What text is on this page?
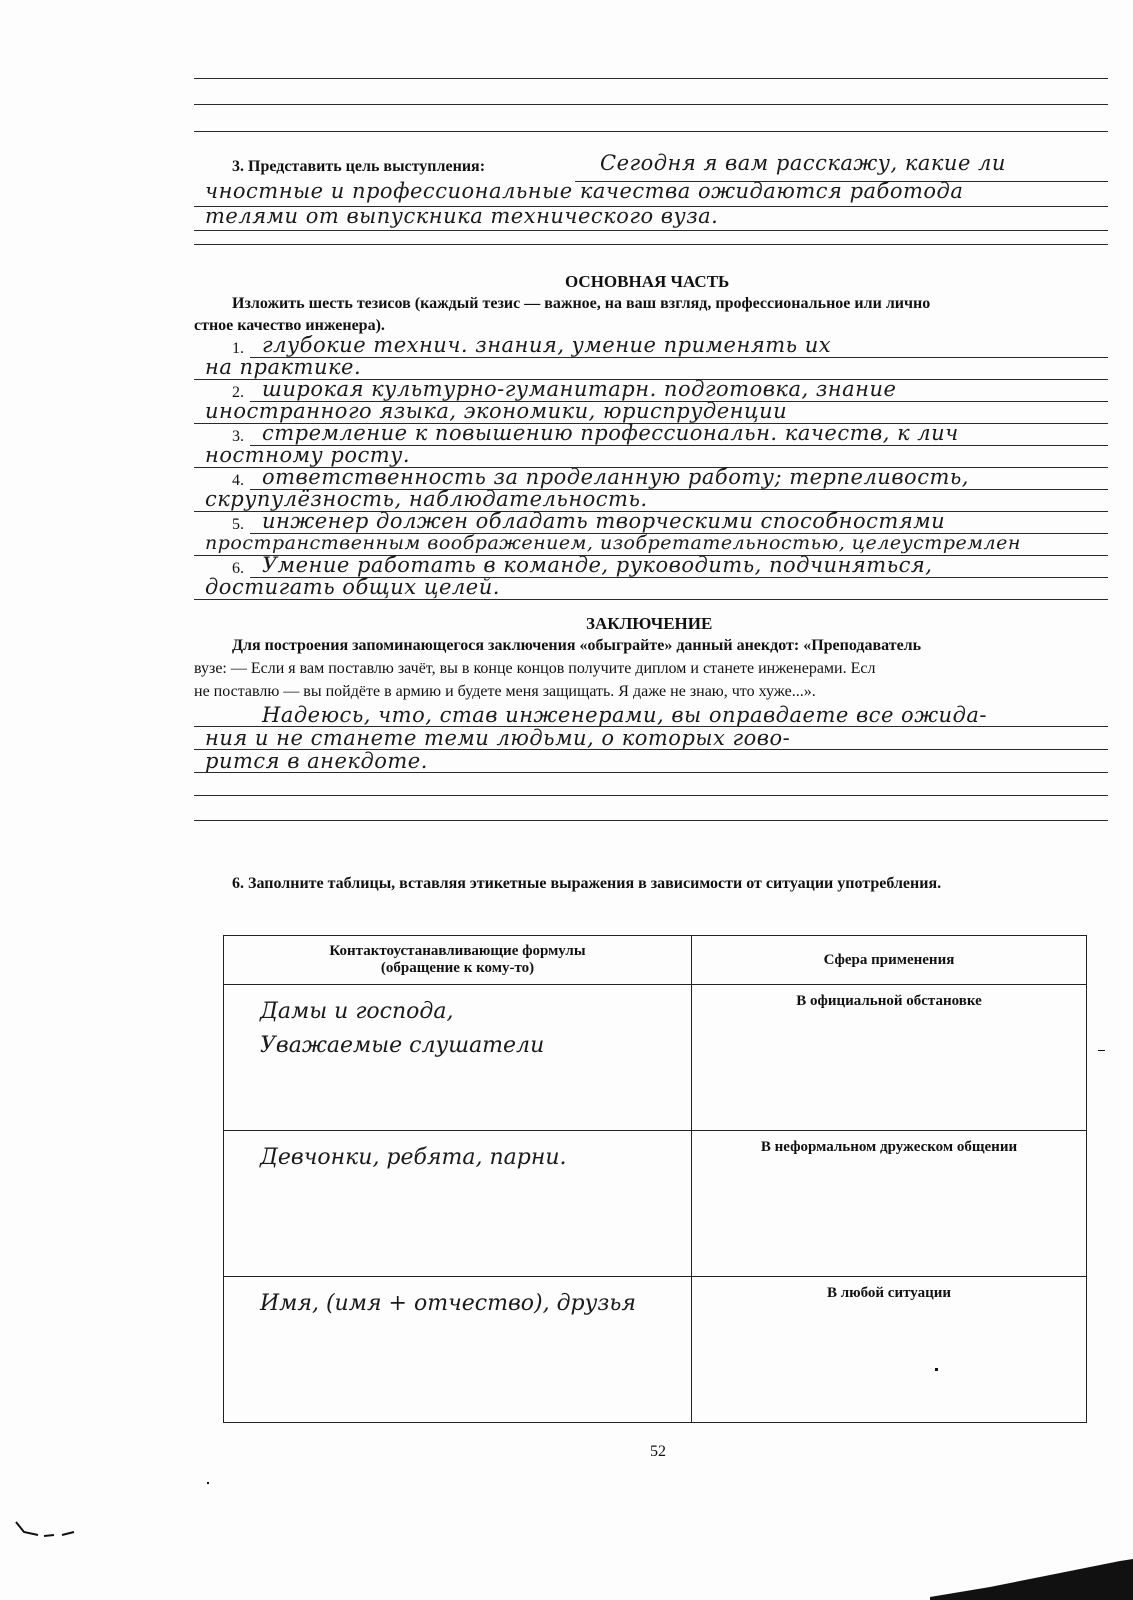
3. Представить цель выступления:	Сегодня я вам расскажу, какие ли
чностные и профессиональные качества ожидаются работода
телями от выпускника технического вуза.
ОСНОВНАЯ ЧАСТЬ
Изложить шесть тезисов (каждый тезис — важное, на ваш взгляд, профессиональное или лично
стное качество инженера).
1. глубокие технич. знания, умение применять их
на практике.
2. широкая культурно-гуманитарн. подготовка, знание
иностранного языка, экономики, юриспруденции
3. стремление к повышению профессиональн. качеств, к лич
ностному росту.
4. ответственность за проделанную работу; терпеливость,
скрупулёзность, наблюдательность.
5. инженер должен обладать творческими способностями
пространственным воображением, изобретательностью, целеустремлен
6. Умение работать в команде, руководить, подчиняться,
достигать общих целей.
ЗАКЛЮЧЕНИЕ
Для построения запоминающегося заключения «обыграйте» данный анекдот: «Преподаватель
вузе: — Если я вам поставлю зачёт, вы в конце концов получите диплом и станете инженерами. Есл
не поставлю — вы пойдёте в армию и будете меня защищать. Я даже не знаю, что хуже...».
Надеюсь, что, став инженерами, вы оправдаете все ожида-
ния и не станете теми людьми, о которых гово-
рится в анекдоте.
6. Заполните таблицы, вставляя этикетные выражения в зависимости от ситуации употребления.
Контактоустанавливающие формулы
(обращение к кому-то)	Сфера применения

Дамы и господа,
Уважаемые слушатели	В официальной обстановке

Девчонки, ребята, парни.	В неформальном дружеском общении

Имя, (имя + отчество), друзья	В любой ситуации
52
